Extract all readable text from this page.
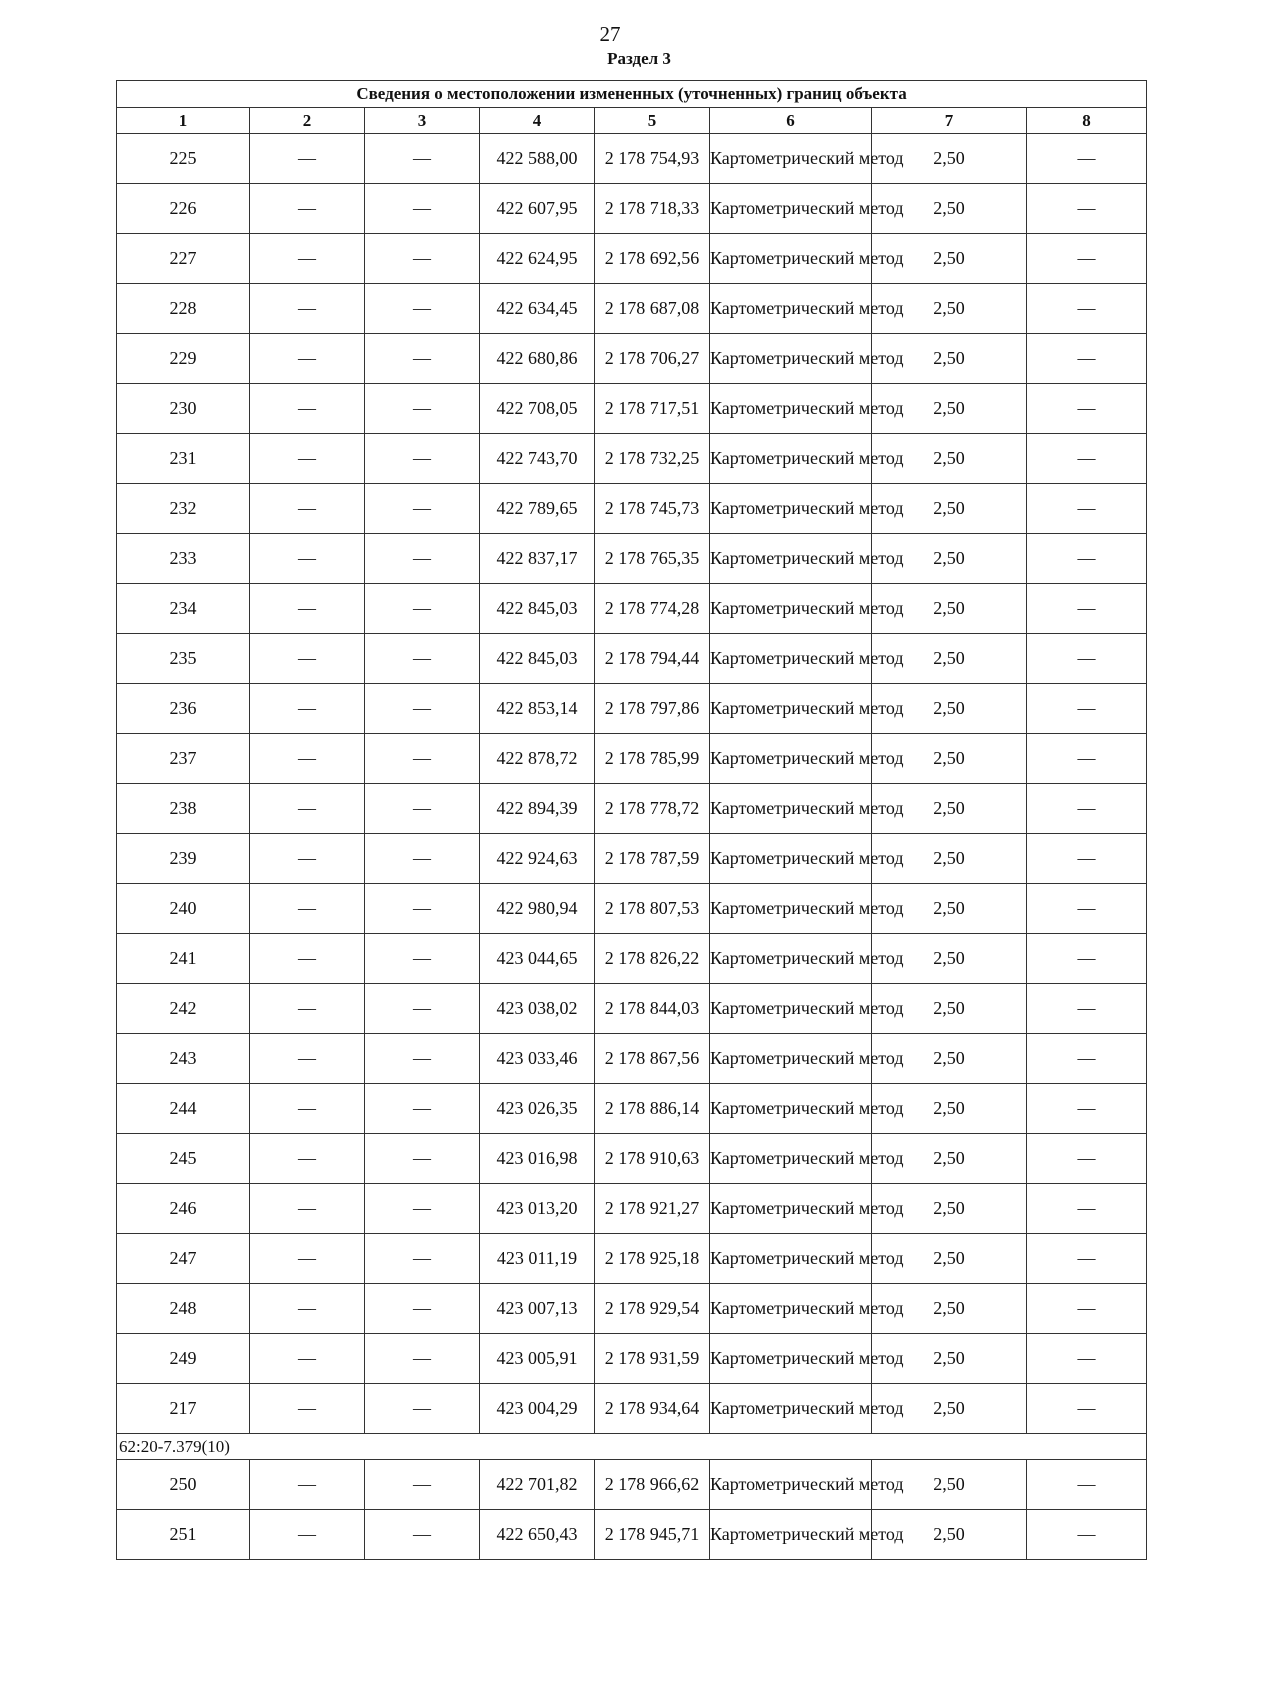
27
Раздел 3
Сведения о местоположении измененных (уточненных) границ объекта							
1	2	3	4	5	6	7	8
225	—	—	422 588,00	2 178 754,93	Картометрический метод	2,50	—
226	—	—	422 607,95	2 178 718,33	Картометрический метод	2,50	—
227	—	—	422 624,95	2 178 692,56	Картометрический метод	2,50	—
228	—	—	422 634,45	2 178 687,08	Картометрический метод	2,50	—
229	—	—	422 680,86	2 178 706,27	Картометрический метод	2,50	—
230	—	—	422 708,05	2 178 717,51	Картометрический метод	2,50	—
231	—	—	422 743,70	2 178 732,25	Картометрический метод	2,50	—
232	—	—	422 789,65	2 178 745,73	Картометрический метод	2,50	—
233	—	—	422 837,17	2 178 765,35	Картометрический метод	2,50	—
234	—	—	422 845,03	2 178 774,28	Картометрический метод	2,50	—
235	—	—	422 845,03	2 178 794,44	Картометрический метод	2,50	—
236	—	—	422 853,14	2 178 797,86	Картометрический метод	2,50	—
237	—	—	422 878,72	2 178 785,99	Картометрический метод	2,50	—
238	—	—	422 894,39	2 178 778,72	Картометрический метод	2,50	—
239	—	—	422 924,63	2 178 787,59	Картометрический метод	2,50	—
240	—	—	422 980,94	2 178 807,53	Картометрический метод	2,50	—
241	—	—	423 044,65	2 178 826,22	Картометрический метод	2,50	—
242	—	—	423 038,02	2 178 844,03	Картометрический метод	2,50	—
243	—	—	423 033,46	2 178 867,56	Картометрический метод	2,50	—
244	—	—	423 026,35	2 178 886,14	Картометрический метод	2,50	—
245	—	—	423 016,98	2 178 910,63	Картометрический метод	2,50	—
246	—	—	423 013,20	2 178 921,27	Картометрический метод	2,50	—
247	—	—	423 011,19	2 178 925,18	Картометрический метод	2,50	—
248	—	—	423 007,13	2 178 929,54	Картометрический метод	2,50	—
249	—	—	423 005,91	2 178 931,59	Картометрический метод	2,50	—
217	—	—	423 004,29	2 178 934,64	Картометрический метод	2,50	—
62:20-7.379(10)							
250	—	—	422 701,82	2 178 966,62	Картометрический метод	2,50	—
251	—	—	422 650,43	2 178 945,71	Картометрический метод	2,50	—
